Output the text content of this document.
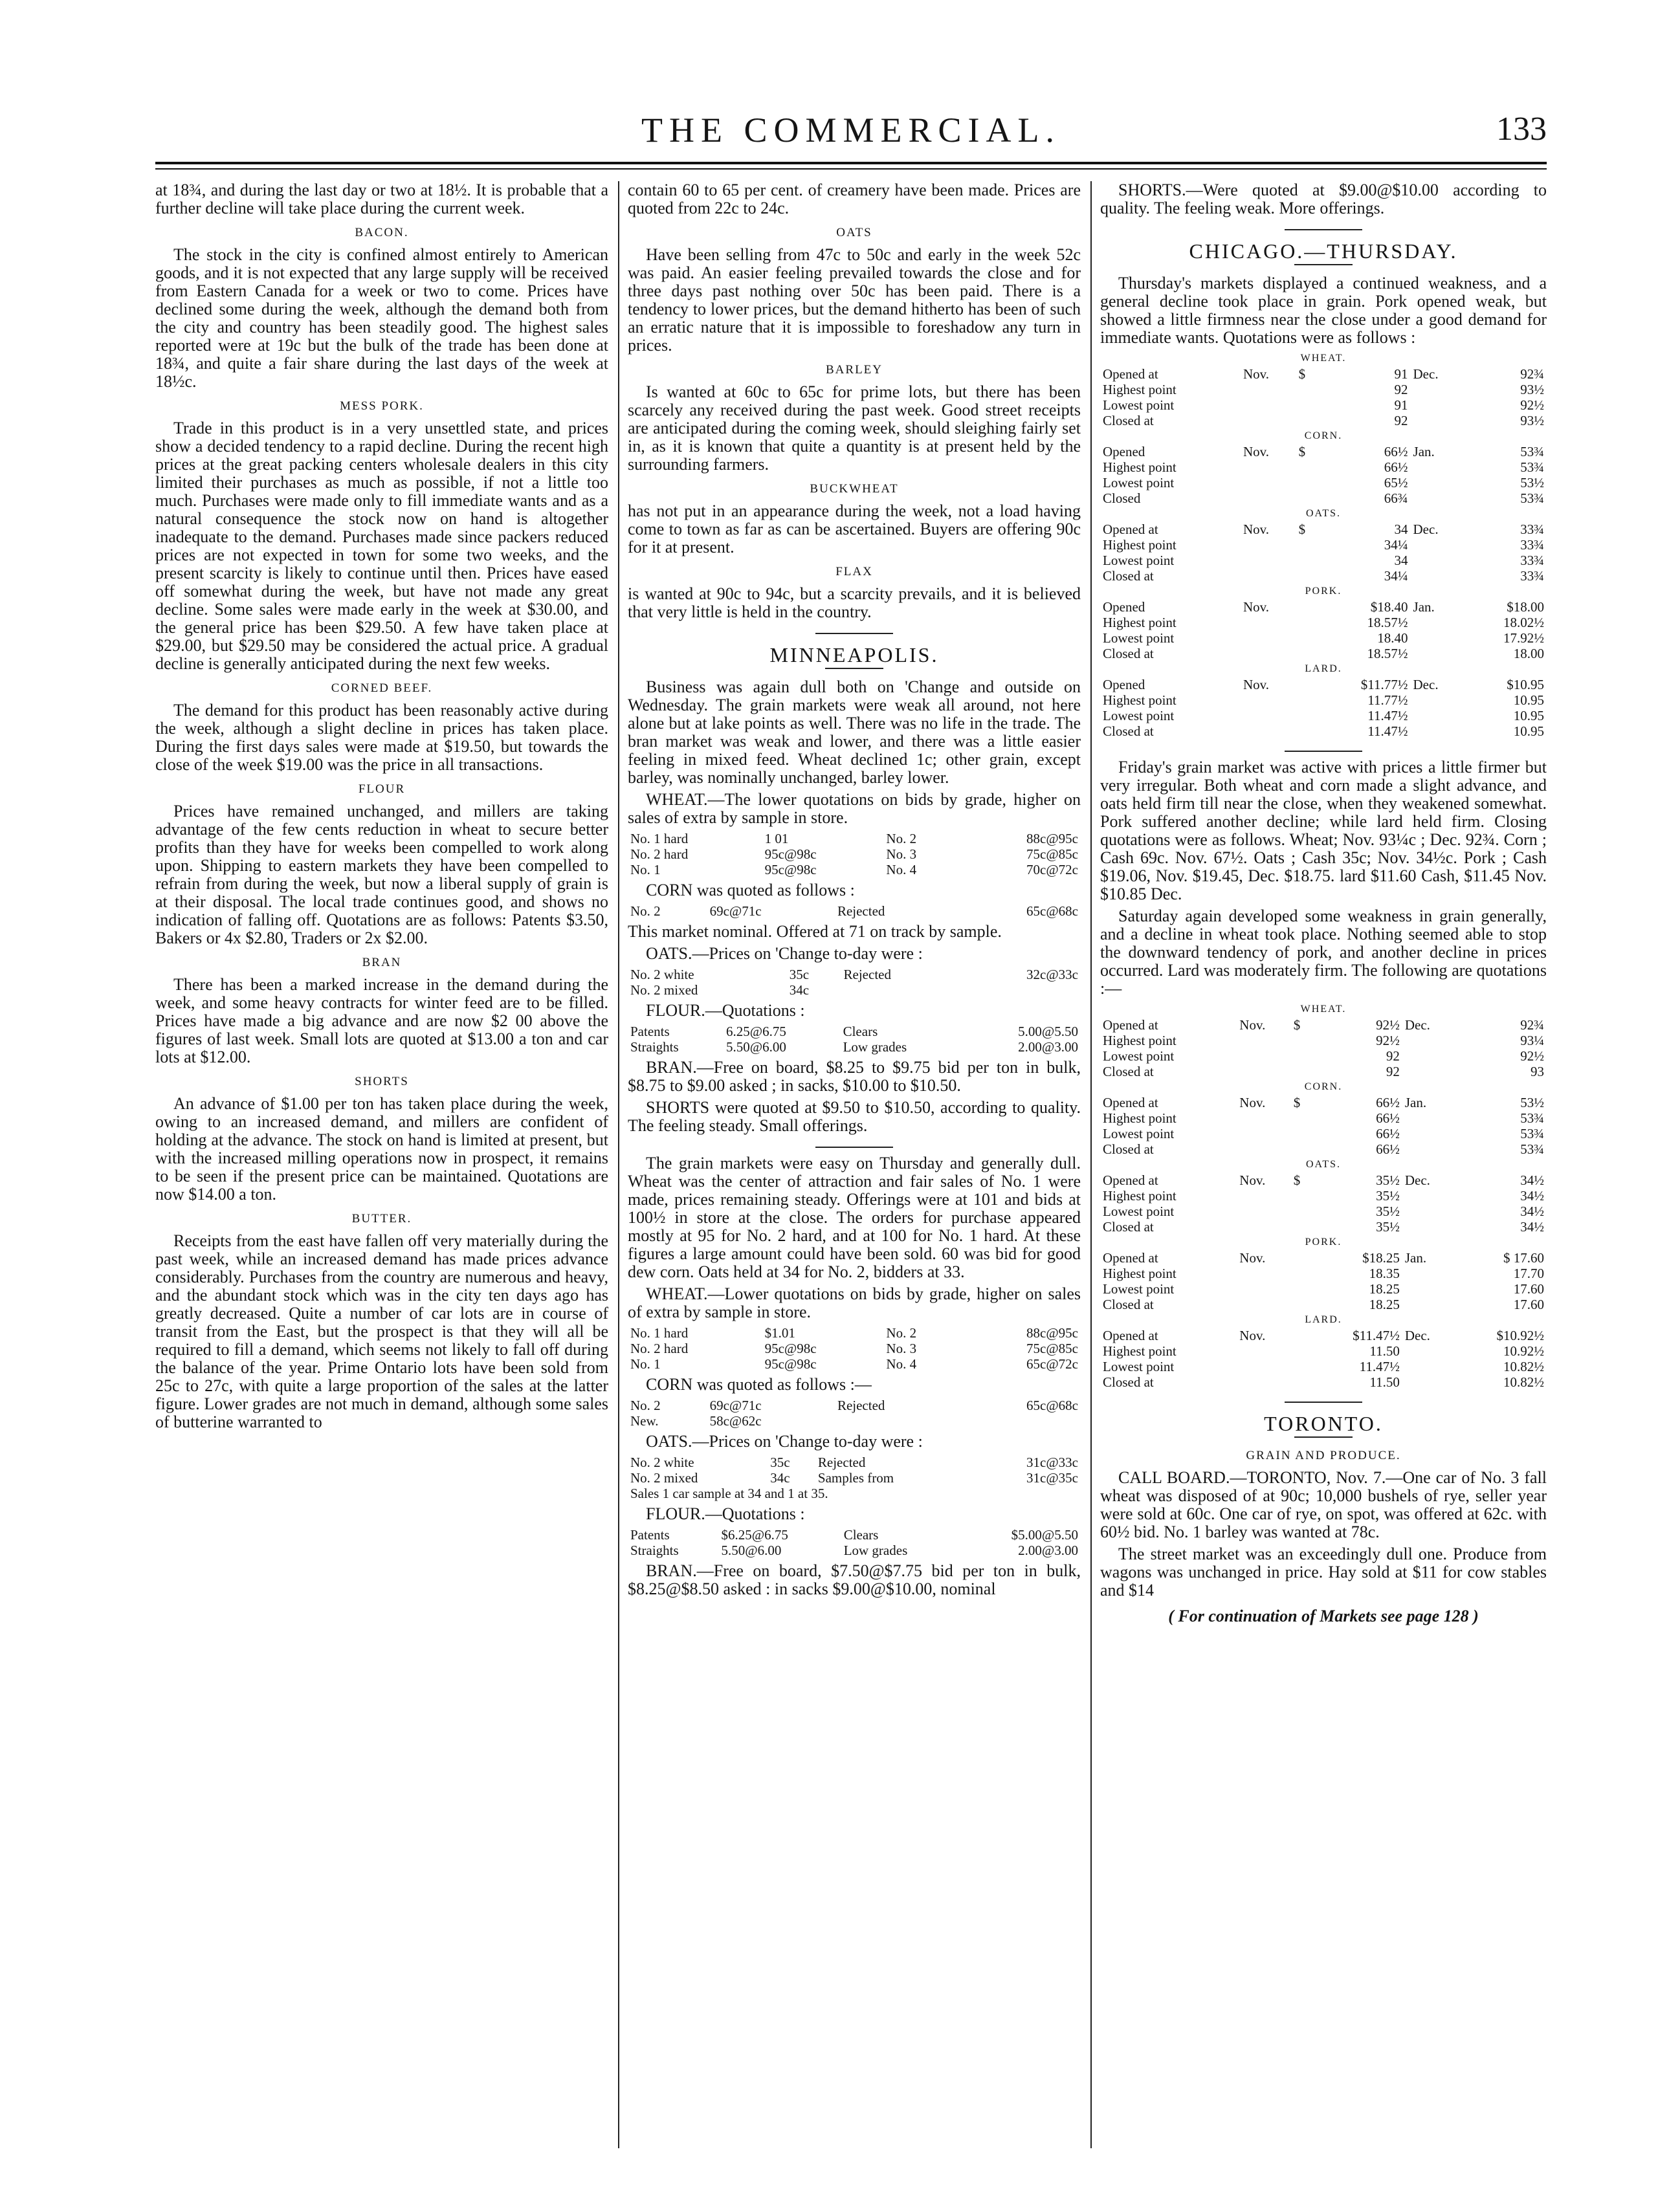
THE COMMERCIAL.	133

at 18¾, and during the last day or two at 18½. It is probable that a further decline will take place during the current week.

BACON.

The stock in the city is confined almost entirely to American goods, and it is not expected that any large supply will be received from Eastern Canada for a week or two to come. Prices have declined some during the week, although the demand both from the city and country has been steadily good. The highest sales reported were at 19c but the bulk of the trade has been done at 18¾, and quite a fair share during the last days of the week at 18½c.

MESS PORK.

Trade in this product is in a very unsettled state, and prices show a decided tendency to a rapid decline. During the recent high prices at the great packing centers wholesale dealers in this city limited their purchases as much as possible, if not a little too much. Purchases were made only to fill immediate wants and as a natural consequence the stock now on hand is altogether inadequate to the demand. Purchases made since packers reduced prices are not expected in town for some two weeks, and the present scarcity is likely to continue until then. Prices have eased off somewhat during the week, but have not made any great decline. Some sales were made early in the week at $30.00, and the general price has been $29.50. A few have taken place at $29.00, but $29.50 may be considered the actual price. A gradual decline is generally anticipated during the next few weeks.

CORNED BEEF.

The demand for this product has been reasonably active during the week, although a slight decline in prices has taken place. During the first days sales were made at $19.50, but towards the close of the week $19.00 was the price in all transactions.

FLOUR

Prices have remained unchanged, and millers are taking advantage of the few cents reduction in wheat to secure better profits than they have for weeks been compelled to work along upon. Shipping to eastern markets they have been compelled to refrain from during the week, but now a liberal supply of grain is at their disposal. The local trade continues good, and shows no indication of falling off. Quotations are as follows: Patents $3.50, Bakers or 4x $2.80, Traders or 2x $2.00.

BRAN

There has been a marked increase in the demand during the week, and some heavy contracts for winter feed are to be filled. Prices have made a big advance and are now $2 00 above the figures of last week. Small lots are quoted at $13.00 a ton and car lots at $12.00.

SHORTS

An advance of $1.00 per ton has taken place during the week, owing to an increased demand, and millers are confident of holding at the advance. The stock on hand is limited at present, but with the increased milling operations now in prospect, it remains to be seen if the present price can be maintained. Quotations are now $14.00 a ton.

BUTTER.

Receipts from the east have fallen off very materially during the past week, while an increased demand has made prices advance considerably. Purchases from the country are numerous and heavy, and the abundant stock which was in the city ten days ago has greatly decreased. Quite a number of car lots are in course of transit from the East, but the prospect is that they will all be required to fill a demand, which seems not likely to fall off during the balance of the year. Prime Ontario lots have been sold from 25c to 27c, with quite a large proportion of the sales at the latter figure. Lower grades are not much in demand, although some sales of butterine warranted to

contain 60 to 65 per cent. of creamery have been made. Prices are quoted from 22c to 24c.

OATS

Have been selling from 47c to 50c and early in the week 52c was paid. An easier feeling prevailed towards the close and for three days past nothing over 50c has been paid. There is a tendency to lower prices, but the demand hitherto has been of such an erratic nature that it is impossible to foreshadow any turn in prices.

BARLEY

Is wanted at 60c to 65c for prime lots, but there has been scarcely any received during the past week. Good street receipts are anticipated during the coming week, should sleighing fairly set in, as it is known that quite a quantity is at present held by the surrounding farmers.

BUCKWHEAT

has not put in an appearance during the week, not a load having come to town as far as can be ascertained. Buyers are offering 90c for it at present.

FLAX

is wanted at 90c to 94c, but a scarcity prevails, and it is believed that very little is held in the country.

MINNEAPOLIS.

Business was again dull both on 'Change and outside on Wednesday. The grain markets were weak all around, not here alone but at lake points as well. There was no life in the trade. The bran market was weak and lower, and there was a little easier feeling in mixed feed. Wheat declined 1c; other grain, except barley, was nominally unchanged, barley lower.

WHEAT.—The lower quotations on bids by grade, higher on sales of extra by sample in store.

No. 1 hard	1 01	No. 2	88c@95c
No. 2 hard	95c@98c	No. 3	75c@85c
No. 1	95c@98c	No. 4	70c@72c

CORN was quoted as follows :

No. 2	69c@71c	Rejected	65c@68c

This market nominal. Offered at 71 on track by sample.

OATS.—Prices on 'Change to-day were :

No. 2 white	35c	Rejected	32c@33c
No. 2 mixed	34c		

FLOUR.—Quotations :

Patents	6.25@6.75	Clears	5.00@5.50
Straights	5.50@6.00	Low grades	2.00@3.00

BRAN.—Free on board, $8.25 to $9.75 bid per ton in bulk, $8.75 to $9.00 asked ; in sacks, $10.00 to $10.50.

SHORTS were quoted at $9.50 to $10.50, according to quality. The feeling steady. Small offerings.

The grain markets were easy on Thursday and generally dull. Wheat was the center of attraction and fair sales of No. 1 were made, prices remaining steady. Offerings were at 101 and bids at 100½ in store at the close. The orders for purchase appeared mostly at 95 for No. 2 hard, and at 100 for No. 1 hard. At these figures a large amount could have been sold. 60 was bid for good dew corn. Oats held at 34 for No. 2, bidders at 33.

WHEAT.—Lower quotations on bids by grade, higher on sales of extra by sample in store.

No. 1 hard	$1.01	No. 2	88c@95c
No. 2 hard	95c@98c	No. 3	75c@85c
No. 1	95c@98c	No. 4	65c@72c

CORN was quoted as follows :—

No. 2	69c@71c	Rejected	65c@68c
New.	58c@62c		

OATS.—Prices on 'Change to-day were :

No. 2 white	35c	Rejected	31c@33c
No. 2 mixed	34c	Samples from	31c@35c
Sales 1 car sample at 34 and 1 at 35.			

FLOUR.—Quotations :

Patents	$6.25@6.75	Clears	$5.00@5.50
Straights	5.50@6.00	Low grades	2.00@3.00

BRAN.—Free on board, $7.50@$7.75 bid per ton in bulk, $8.25@$8.50 asked : in sacks $9.00@$10.00, nominal

SHORTS.—Were quoted at $9.00@$10.00 according to quality. The feeling weak. More offerings.

CHICAGO.—THURSDAY.

Thursday's markets displayed a continued weakness, and a general decline took place in grain. Pork opened weak, but showed a little firmness near the close under a good demand for immediate wants. Quotations were as follows :

WHEAT.					
Opened at	Nov.	$	91	Dec.	92¾
Highest point			92		93½
Lowest point			91		92½
Closed at			92		93½
CORN.					
Opened	Nov.	$	66½	Jan.	53¾
Highest point			66½		53¾
Lowest point			65½		53½
Closed			66¾		53¾
OATS.					
Opened at	Nov.	$	34	Dec.	33¾
Highest point			34¼		33¾
Lowest point			34		33¾
Closed at			34¼		33¾
PORK.					
Opened	Nov.		$18.40	Jan.	$18.00
Highest point			18.57½		18.02½
Lowest point			18.40		17.92½
Closed at			18.57½		18.00
LARD.					
Opened	Nov.		$11.77½	Dec.	$10.95
Highest point			11.77½		10.95
Lowest point			11.47½		10.95
Closed at			11.47½		10.95

Friday's grain market was active with prices a little firmer but very irregular. Both wheat and corn made a slight advance, and oats held firm till near the close, when they weakened somewhat. Pork suffered another decline; while lard held firm. Closing quotations were as follows. Wheat; Nov. 93¼c ; Dec. 92¾. Corn ; Cash 69c. Nov. 67½. Oats ; Cash 35c; Nov. 34½c. Pork ; Cash $19.06, Nov. $19.45, Dec. $18.75. lard $11.60 Cash, $11.45 Nov. $10.85 Dec.

Saturday again developed some weakness in grain generally, and a decline in wheat took place. Nothing seemed able to stop the downward tendency of pork, and another decline in prices occurred. Lard was moderately firm. The following are quotations :—

WHEAT.					
Opened at	Nov.	$	92½	Dec.	92¾
Highest point			92½		93¼
Lowest point			92		92½
Closed at			92		93
CORN.					
Opened at	Nov.	$	66½	Jan.	53½
Highest point			66½		53¾
Lowest point			66½		53¾
Closed at			66½		53¾
OATS.					
Opened at	Nov.	$	35½	Dec.	34½
Highest point			35½		34½
Lowest point			35½		34½
Closed at			35½		34½
PORK.					
Opened at	Nov.		$18.25	Jan.	$ 17.60
Highest point			18.35		17.70
Lowest point			18.25		17.60
Closed at			18.25		17.60
LARD.					
Opened at	Nov.		$11.47½	Dec.	$10.92½
Highest point			11.50		10.92½
Lowest point			11.47½		10.82½
Closed at			11.50		10.82½
TORONTO.
GRAIN AND PRODUCE.

CALL BOARD.—TORONTO, Nov. 7.—One car of No. 3 fall wheat was disposed of at 90c; 10,000 bushels of rye, seller year were sold at 60c. One car of rye, on spot, was offered at 62c. with 60½ bid. No. 1 barley was wanted at 78c.

The street market was an exceedingly dull one. Produce from wagons was unchanged in price. Hay sold at $11 for cow stables and $14

( For continuation of Markets see page 128 )
